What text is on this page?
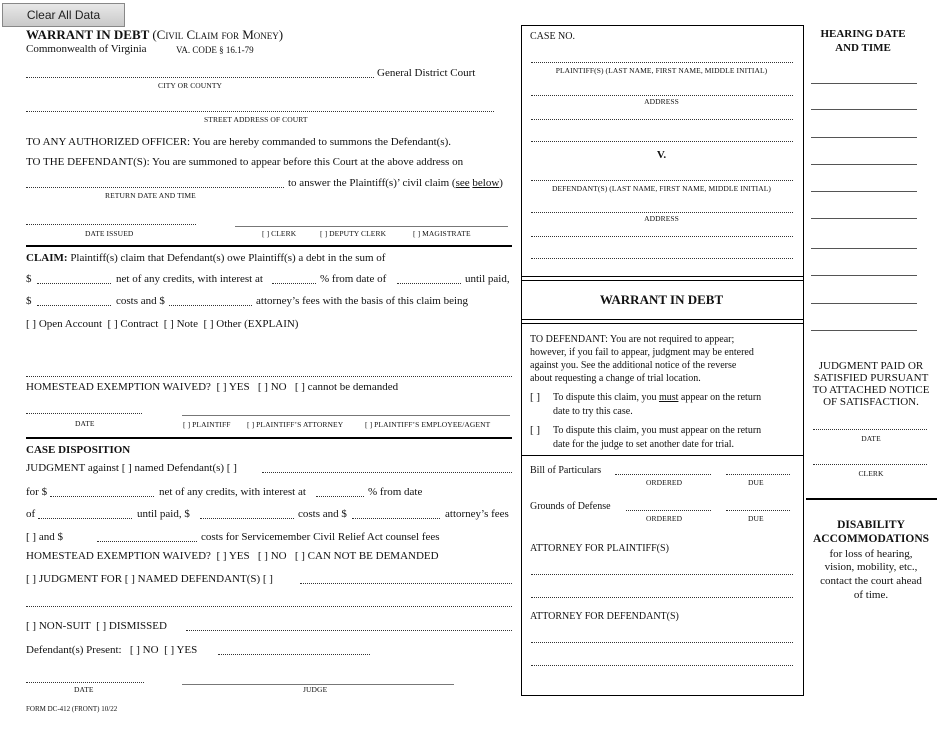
Clear All Data
WARRANT IN DEBT (Civil Claim for Money)
Commonwealth of Virginia	VA. CODE § 16.1-79
General District Court
CITY OR COUNTY
STREET ADDRESS OF COURT
TO ANY AUTHORIZED OFFICER: You are hereby commanded to summons the Defendant(s).
TO THE DEFENDANT(S): You are summoned to appear before this Court at the above address on
to answer the Plaintiff(s)’ civil claim (see below)
RETURN DATE AND TIME
DATE ISSUED	[ ] CLERK	[ ] DEPUTY CLERK	[ ] MAGISTRATE
CLAIM: Plaintiff(s) claim that Defendant(s) owe Plaintiff(s) a debt in the sum of
$	net of any credits, with interest at	% from date of	until paid,
$	costs and $	attorney’s fees with the basis of this claim being
[ ] Open Account  [ ] Contract  [ ] Note  [ ] Other (EXPLAIN)
HOMESTEAD EXEMPTION WAIVED?  [ ] YES   [ ] NO   [ ] cannot be demanded
DATE	[ ] PLAINTIFF [ ] PLAINTIFF’S ATTORNEY	[ ] PLAINTIFF’S EMPLOYEE/AGENT
CASE DISPOSITION
JUDGMENT against [ ] named Defendant(s) [ ]
for $	net of any credits, with interest at	% from date
of	until paid, $	costs and $	attorney’s fees
[ ] and $	costs for Servicemember Civil Relief Act counsel fees
HOMESTEAD EXEMPTION WAIVED?  [ ] YES   [ ] NO   [ ] CAN NOT BE DEMANDED
[ ] JUDGMENT FOR [ ] NAMED DEFENDANT(S) [ ]
[ ] NON-SUIT  [ ] DISMISSED
Defendant(s) Present:   [ ] NO  [ ] YES
DATE	JUDGE
FORM DC-412 (FRONT) 10/22
CASE NO.
PLAINTIFF(S) (LAST NAME, FIRST NAME, MIDDLE INITIAL)
ADDRESS
V.
DEFENDANT(S) (LAST NAME, FIRST NAME, MIDDLE INITIAL)
ADDRESS
WARRANT IN DEBT
TO DEFENDANT: You are not required to appear;
however, if you fail to appear, judgment may be entered
against you. See the additional notice of the reverse
about requesting a change of trial location.
[ ] To dispute this claim, you must appear on the return
date to try this case.
[ ] To dispute this claim, you must appear on the return
date for the judge to set another date for trial.
Bill of Particulars
ORDERED	DUE
Grounds of Defense
ORDERED	DUE
ATTORNEY FOR PLAINTIFF(S)
ATTORNEY FOR DEFENDANT(S)
HEARING DATE
AND TIME
JUDGMENT PAID OR
SATISFIED PURSUANT
TO ATTACHED NOTICE
OF SATISFACTION.
DATE
CLERK
DISABILITY
ACCOMMODATIONS
for loss of hearing,
vision, mobility, etc.,
contact the court ahead
of time.
